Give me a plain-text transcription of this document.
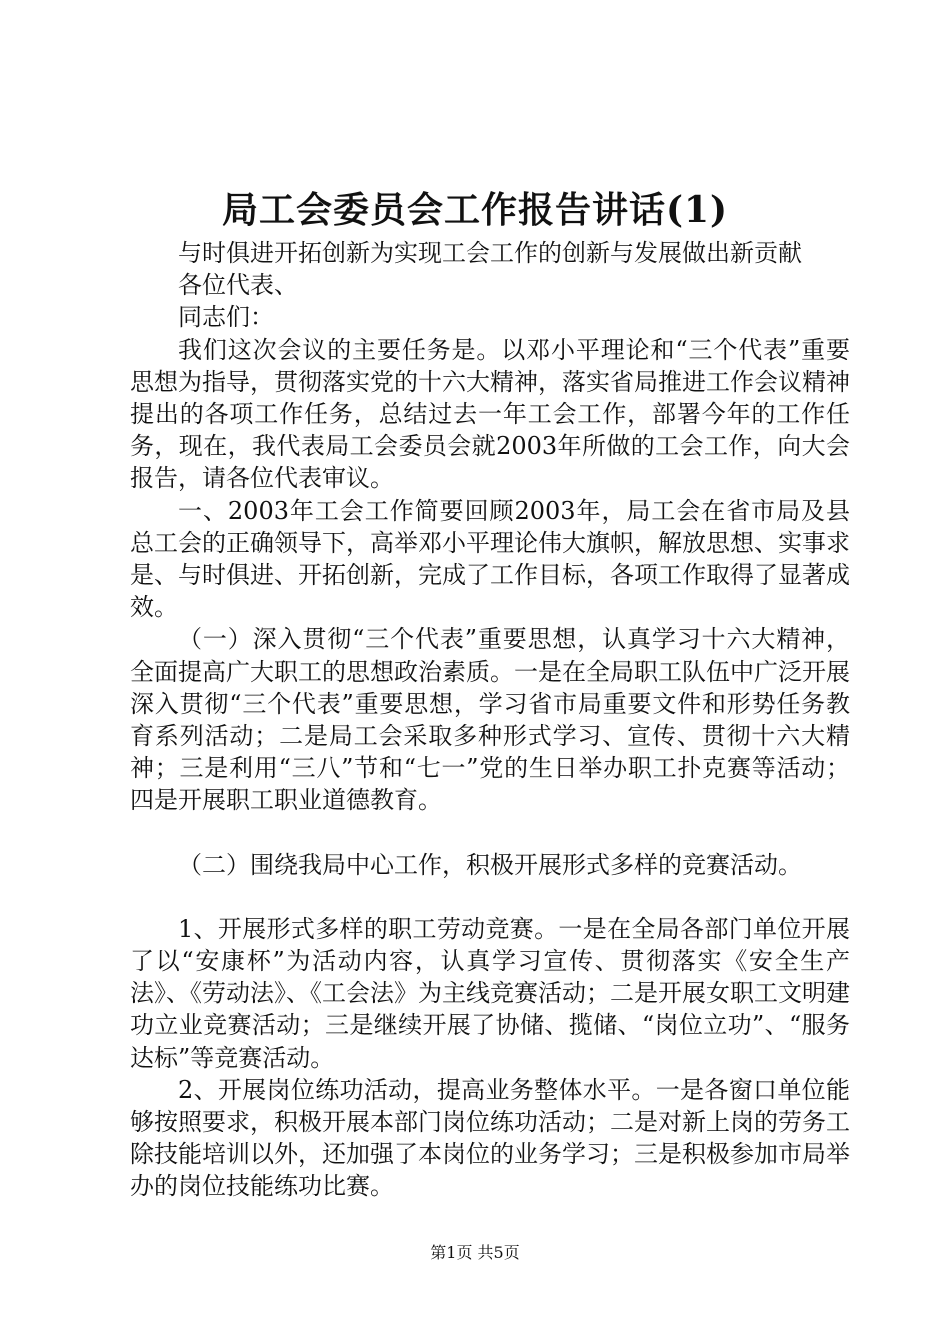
局工会委员会工作报告讲话(1)

与时俱进开拓创新为实现工会工作的创新与发展做出新贡献

各位代表、

同志们：

我们这次会议的主要任务是。以邓小平理论和“三个代表”重要思想为指导，贯彻落实党的十六大精神，落实省局推进工作会议精神提出的各项工作任务，总结过去一年工会工作，部署今年的工作任务，现在，我代表局工会委员会就2003年所做的工会工作，向大会报告，请各位代表审议。

一、2003年工会工作简要回顾2003年，局工会在省市局及县总工会的正确领导下，高举邓小平理论伟大旗帜，解放思想、实事求是、与时俱进、开拓创新，完成了工作目标，各项工作取得了显著成效。

（一）深入贯彻“三个代表”重要思想，认真学习十六大精神，全面提高广大职工的思想政治素质。一是在全局职工队伍中广泛开展深入贯彻“三个代表”重要思想，学习省市局重要文件和形势任务教育系列活动；二是局工会采取多种形式学习、宣传、贯彻十六大精神；三是利用“三八”节和“七一”党的生日举办职工扑克赛等活动；四是开展职工职业道德教育。

（二）围绕我局中心工作，积极开展形式多样的竞赛活动。

1、开展形式多样的职工劳动竞赛。一是在全局各部门单位开展了以“安康杯”为活动内容，认真学习宣传、贯彻落实《安全生产法》、《劳动法》、《工会法》为主线竞赛活动；二是开展女职工文明建功立业竞赛活动；三是继续开展了协储、揽储、“岗位立功”、“服务达标”等竞赛活动。

2、开展岗位练功活动，提高业务整体水平。一是各窗口单位能够按照要求，积极开展本部门岗位练功活动；二是对新上岗的劳务工除技能培训以外，还加强了本岗位的业务学习；三是积极参加市局举办的岗位技能练功比赛。

第1页 共5页
